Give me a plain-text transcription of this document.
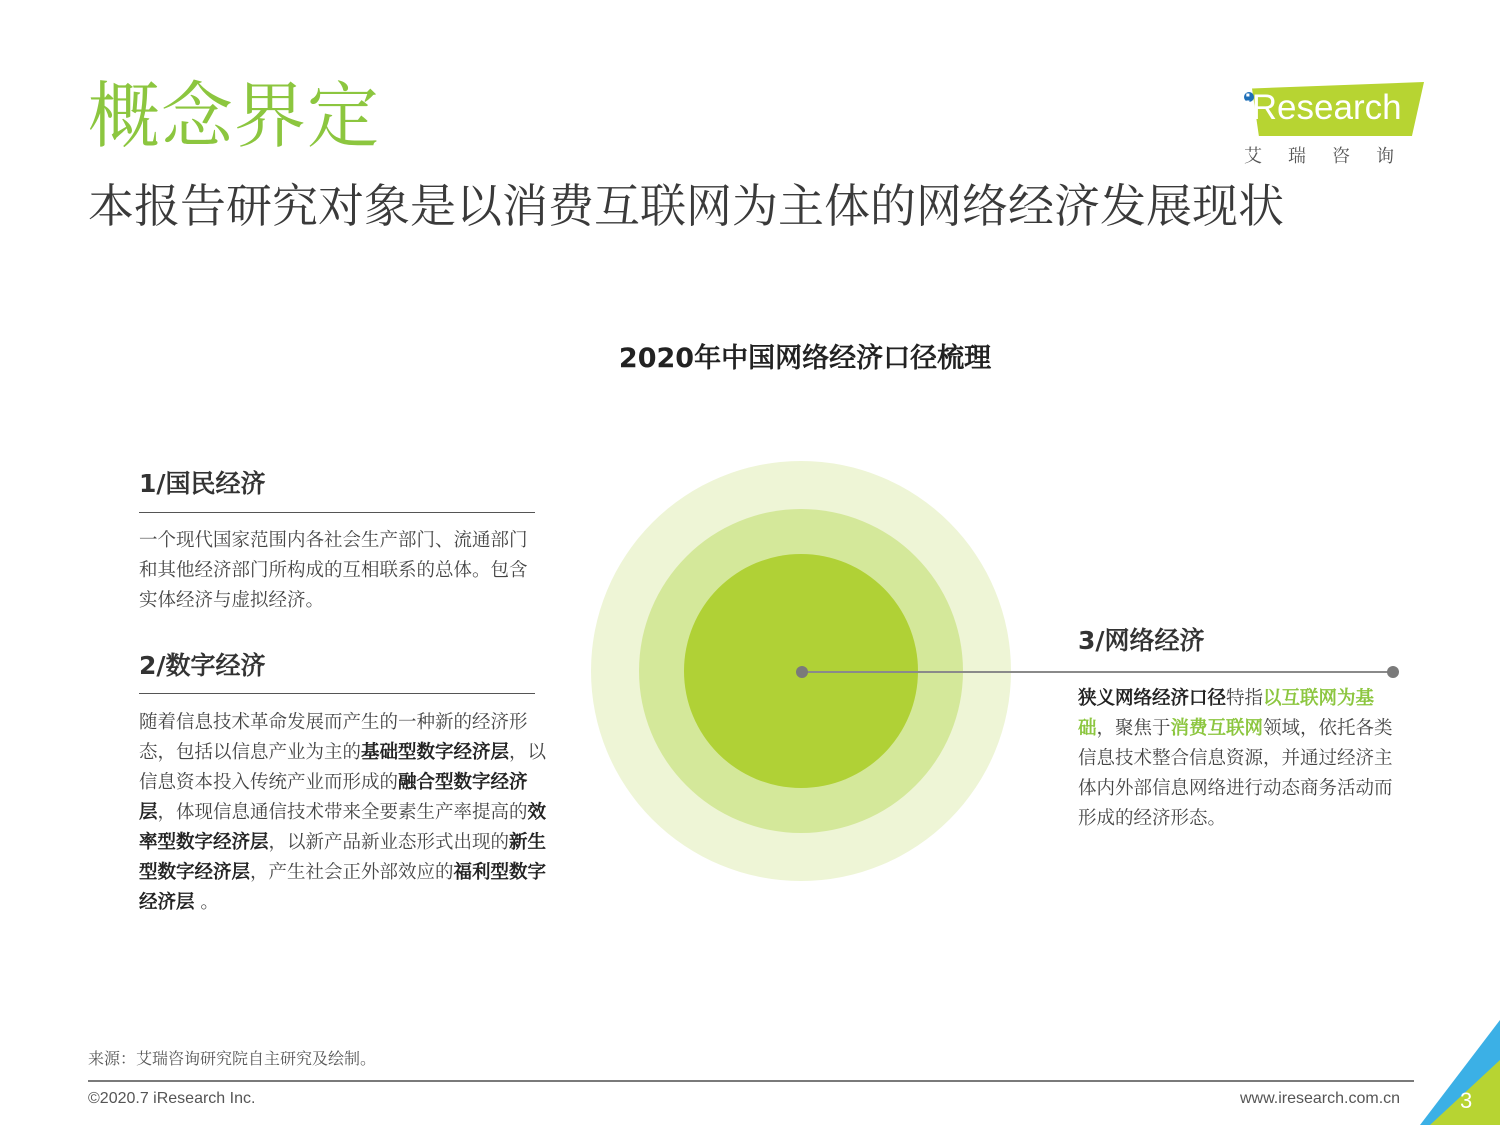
概念界定
本报告研究对象是以消费互联网为主体的网络经济发展现状
iResearch
艾瑞咨询
2020年中国网络经济口径梳理
1/国民经济
一个现代国家范围内各社会生产部门、流通部门和其他经济部门所构成的互相联系的总体。包含实体经济与虚拟经济。
2/数字经济
随着信息技术革命发展而产生的一种新的经济形态，包括以信息产业为主的基础型数字经济层，以信息资本投入传统产业而形成的融合型数字经济层，体现信息通信技术带来全要素生产率提高的效率型数字经济层，以新产品新业态形式出现的新生型数字经济层，产生社会正外部效应的福利型数字经济层 。
3/网络经济
狭义网络经济口径特指以互联网为基础，聚焦于消费互联网领域，依托各类信息技术整合信息资源，并通过经济主体内外部信息网络进行动态商务活动而形成的经济形态。
来源：艾瑞咨询研究院自主研究及绘制。
©2020.7 iResearch Inc.	www.iresearch.com.cn	3
